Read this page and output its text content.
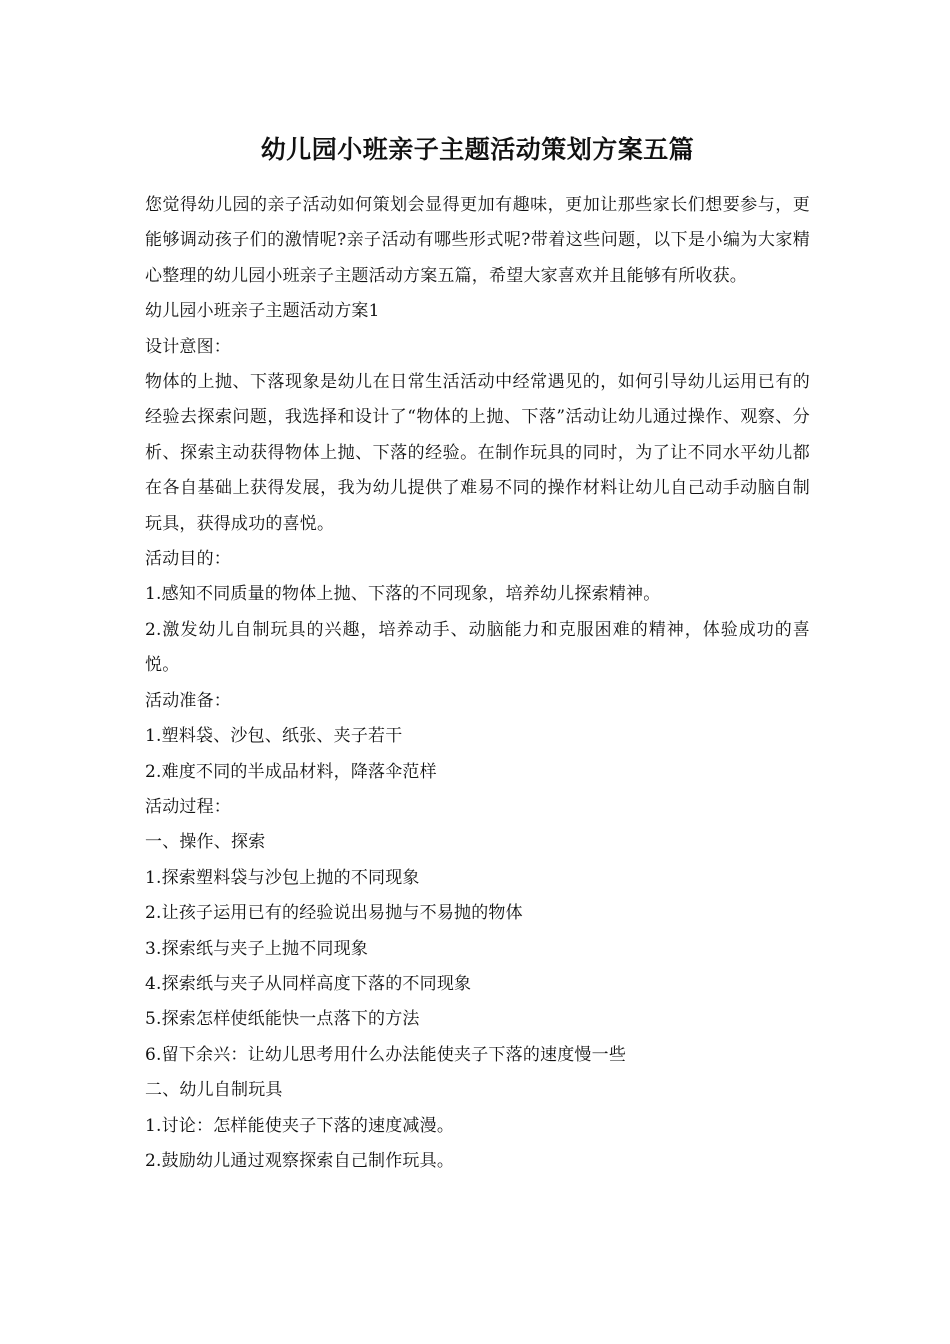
幼儿园小班亲子主题活动策划方案五篇

您觉得幼儿园的亲子活动如何策划会显得更加有趣味，更加让那些家长们想要参与，更能够调动孩子们的激情呢?亲子活动有哪些形式呢?带着这些问题，以下是小编为大家精心整理的幼儿园小班亲子主题活动方案五篇，希望大家喜欢并且能够有所收获。

幼儿园小班亲子主题活动方案1

设计意图：

物体的上抛、下落现象是幼儿在日常生活活动中经常遇见的，如何引导幼儿运用已有的经验去探索问题，我选择和设计了“物体的上抛、下落”活动让幼儿通过操作、观察、分析、探索主动获得物体上抛、下落的经验。在制作玩具的同时，为了让不同水平幼儿都在各自基础上获得发展，我为幼儿提供了难易不同的操作材料让幼儿自己动手动脑自制玩具，获得成功的喜悦。

活动目的：

1.感知不同质量的物体上抛、下落的不同现象，培养幼儿探索精神。

2.激发幼儿自制玩具的兴趣，培养动手、动脑能力和克服困难的精神，体验成功的喜悦。

活动准备：

1.塑料袋、沙包、纸张、夹子若干

2.难度不同的半成品材料，降落伞范样

活动过程：

一、操作、探索

1.探索塑料袋与沙包上抛的不同现象

2.让孩子运用已有的经验说出易抛与不易抛的物体

3.探索纸与夹子上抛不同现象

4.探索纸与夹子从同样高度下落的不同现象

5.探索怎样使纸能快一点落下的方法

6.留下余兴：让幼儿思考用什么办法能使夹子下落的速度慢一些

二、幼儿自制玩具

1.讨论：怎样能使夹子下落的速度减漫。

2.鼓励幼儿通过观察探索自己制作玩具。
